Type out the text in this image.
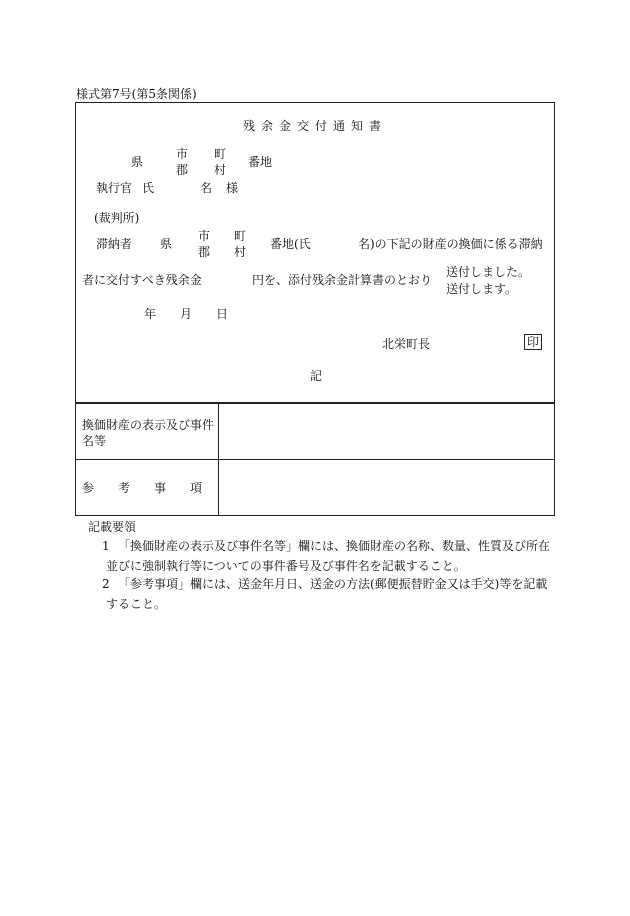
様式第7号(第5条関係)
残余金交付通知書
県
市
郡
町
村
番地
執行官 氏	名 様
(裁判所)
滞納者 県
市
郡
町
村
番地(氏	名)の下記の財産の換価に係る滞納
者に交付すべき残余金	円を、添付残余金計算書のとおり
送付しました。
送付します。
年 月 日
北栄町長	印
記
換価財産の表示及び事件名等
参考事項
記載要領
1 「換価財産の表示及び事件名等」欄には、換価財産の名称、数量、性質及び所在
並びに強制執行等についての事件番号及び事件名を記載すること。
2 「参考事項」欄には、送金年月日、送金の方法(郵便振替貯金又は手交)等を記載
すること。
